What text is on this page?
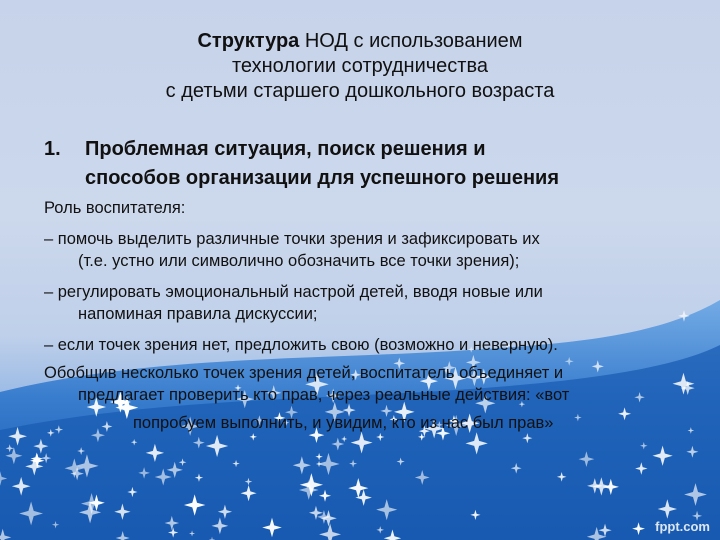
Структура НОД с использованием
технологии сотрудничества
с детьми старшего дошкольного возраста
1. Проблемная ситуация, поиск решения и
способов организации для успешного решения
Роль воспитателя:
– помочь выделить различные точки зрения и зафиксировать их
(т.е. устно или символично обозначить все точки зрения);
– регулировать эмоциональный настрой детей, вводя новые или
напоминая правила дискуссии;
– если точек зрения нет, предложить свою (возможно и неверную).
Обобщив несколько точек зрения детей, воспитатель объединяет и
предлагает проверить кто прав, через реальные действия: «вот
попробуем выполнить, и увидим, кто из нас был прав»
fppt.com
